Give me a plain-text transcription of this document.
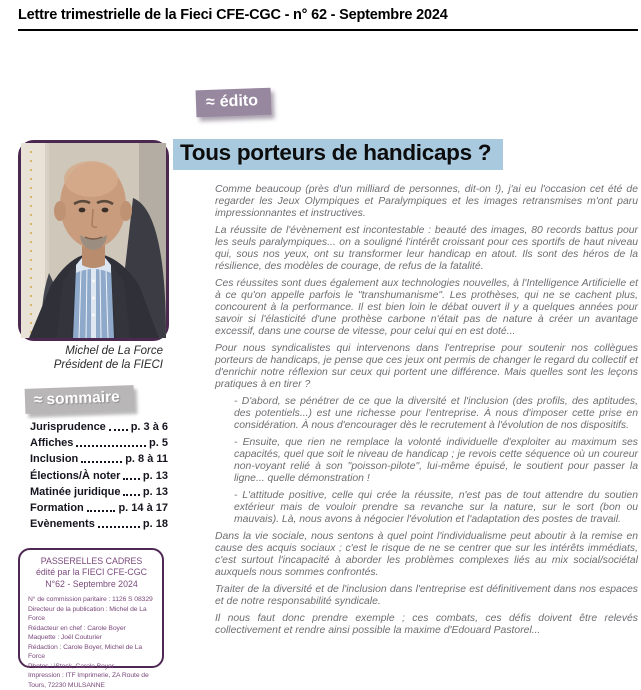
Lettre trimestrielle de la Fieci CFE-CGC - n° 62 - Septembre 2024
≈ édito
Tous porteurs de handicaps ?
Michel de La Force
Président de la FIECI
≈ sommaire
Jurisprudence p. 3 à 6
Affiches	p. 5
Inclusion	p. 8 à 11
Élections/À noter p. 13
Matinée juridique p. 13
Formation	p. 14 à 17
Evènements	p. 18
PASSERELLES CADRES
édité par la FIECI CFE-CGC
N°62 - Septembre 2024
N° de commission paritaire : 1126 S 08329
Directeur de la publication : Michel de La Force
Rédacteur en chef : Carole Boyer
Maquette : Joël Couturier
Rédaction : Carole Boyer, Michel de La Force
Photos : iStock, Carole Boyer
Impression : ITF Imprimerie, ZA Route de Tours, 72230 MULSANNE

Comme beaucoup (près d'un milliard de personnes, dit-on !), j'ai eu l'occasion cet été de regarder les Jeux Olympiques et Paralympiques et les images retransmises m'ont paru impressionnantes et instructives.

La réussite de l'évènement est incontestable : beauté des images, 80 records battus pour les seuls paralympiques... on a souligné l'intérêt croissant pour ces sportifs de haut niveau qui, sous nos yeux, ont su transformer leur handicap en atout. Ils sont des héros de la résilience, des modèles de courage, de refus de la fatalité.

Ces réussites sont dues également aux technologies nouvelles, à l'Intelligence Artificielle et à ce qu'on appelle parfois le "transhumanisme". Les prothèses, qui ne se cachent plus, concourent à la performance. Il est bien loin le débat ouvert il y a quelques années pour savoir si l'élasticité d'une prothèse carbone n'était pas de nature à créer un avantage excessif, dans une course de vitesse, pour celui qui en est doté...

Pour nous syndicalistes qui intervenons dans l'entreprise pour soutenir nos collègues porteurs de handicaps, je pense que ces jeux ont permis de changer le regard du collectif et d'enrichir notre réflexion sur ceux qui portent une différence. Mais quelles sont les leçons pratiques à en tirer ?

- D'abord, se pénétrer de ce que la diversité et l'inclusion (des profils, des aptitudes, des potentiels...) est une richesse pour l'entreprise. À nous d'imposer cette prise en considération. À nous d'encourager dès le recrutement à l'évolution de nos dispositifs.

- Ensuite, que rien ne remplace la volonté individuelle d'exploiter au maximum ses capacités, quel que soit le niveau de handicap ; je revois cette séquence où un coureur non-voyant relié à son "poisson-pilote", lui-même épuisé, le soutient pour passer la ligne... quelle démonstration !

- L'attitude positive, celle qui crée la réussite, n'est pas de tout attendre du soutien extérieur mais de vouloir prendre sa revanche sur la nature, sur le sort (bon ou mauvais). Là, nous avons à négocier l'évolution et l'adaptation des postes de travail.

Dans la vie sociale, nous sentons à quel point l'individualisme peut aboutir à la remise en cause des acquis sociaux ; c'est le risque de ne se centrer que sur les intérêts immédiats, c'est surtout l'incapacité à aborder les problèmes complexes liés au mix social/sociétal auxquels nous sommes confrontés.

Traiter de la diversité et de l'inclusion dans l'entreprise est définitivement dans nos espaces et de notre responsabilité syndicale.

Il nous faut donc prendre exemple ; ces combats, ces défis doivent être relevés collectivement et rendre ainsi possible la maxime d'Edouard Pastorel...
